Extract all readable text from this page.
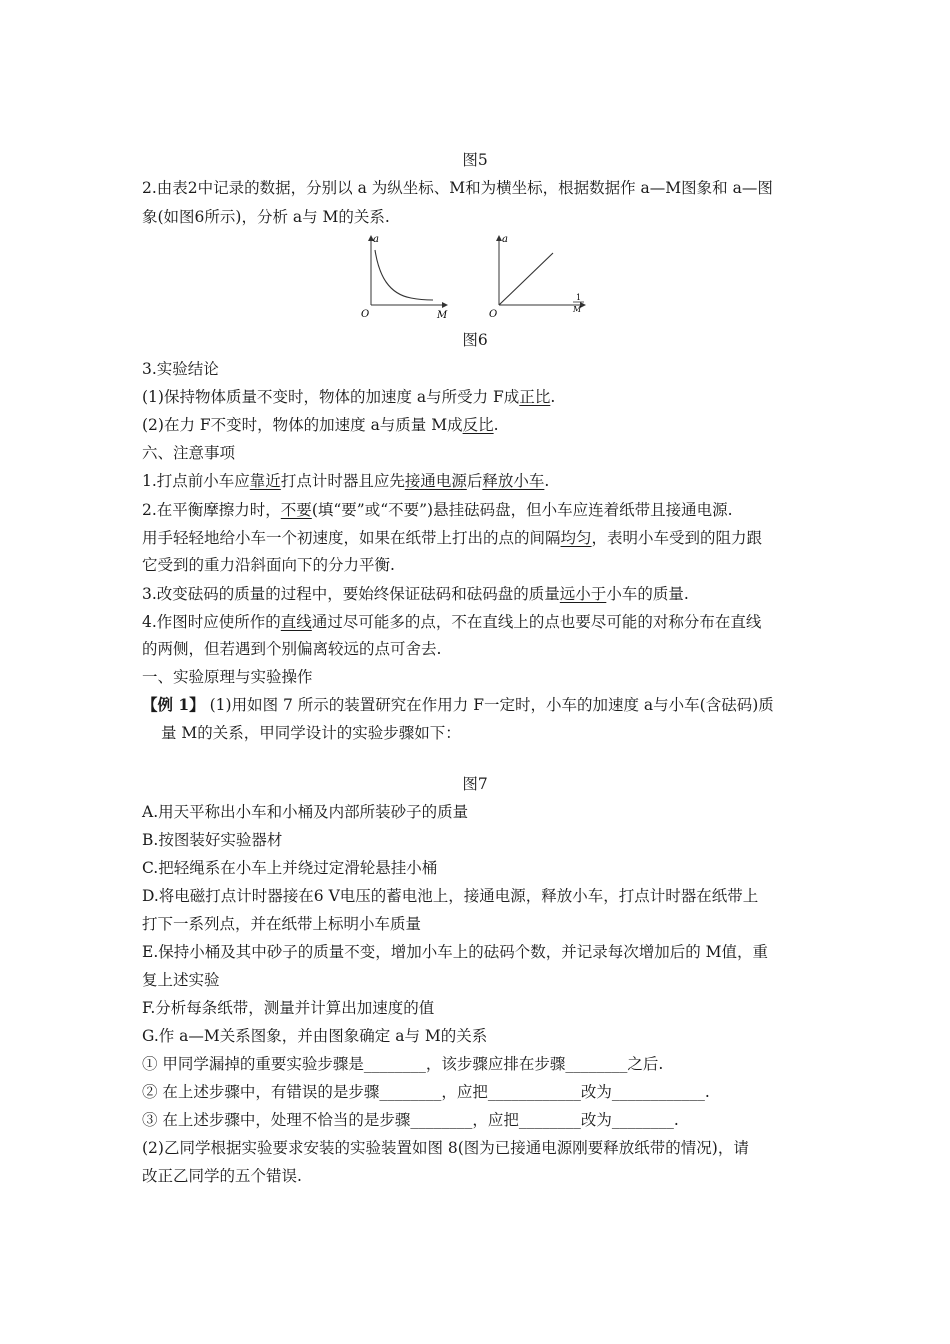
图5
2.由表2中记录的数据，分别以 a 为纵坐标、M和为横坐标，根据数据作 a—M图象和 a—图
象(如图6所示)，分析 a与 M的关系.
a
O	M
a
O
1
M
图6
3.实验结论
(1)保持物体质量不变时，物体的加速度 a与所受力 F成正比.
(2)在力 F不变时，物体的加速度 a与质量 M成反比.
六、注意事项
1.打点前小车应靠近打点计时器且应先接通电源后释放小车.
2.在平衡摩擦力时，不要(填“要”或“不要”)悬挂砝码盘，但小车应连着纸带且接通电源.
用手轻轻地给小车一个初速度，如果在纸带上打出的点的间隔均匀，表明小车受到的阻力跟
它受到的重力沿斜面向下的分力平衡.
3.改变砝码的质量的过程中，要始终保证砝码和砝码盘的质量远小于小车的质量.
4.作图时应使所作的直线通过尽可能多的点，不在直线上的点也要尽可能的对称分布在直线
的两侧，但若遇到个别偏离较远的点可舍去.
一、实验原理与实验操作
【例 1】 (1)用如图 7 所示的装置研究在作用力 F一定时，小车的加速度 a与小车(含砝码)质
量 M的关系，甲同学设计的实验步骤如下：
图7
A.用天平称出小车和小桶及内部所装砂子的质量
B.按图装好实验器材
C.把轻绳系在小车上并绕过定滑轮悬挂小桶
D.将电磁打点计时器接在6 V电压的蓄电池上，接通电源，释放小车，打点计时器在纸带上
打下一系列点，并在纸带上标明小车质量
E.保持小桶及其中砂子的质量不变，增加小车上的砝码个数，并记录每次增加后的 M值，重
复上述实验
F.分析每条纸带，测量并计算出加速度的值
G.作 a—M关系图象，并由图象确定 a与 M的关系
① 甲同学漏掉的重要实验步骤是________，该步骤应排在步骤________之后.
② 在上述步骤中，有错误的是步骤________，应把____________改为____________.
③ 在上述步骤中，处理不恰当的是步骤________，应把________改为________.
(2)乙同学根据实验要求安装的实验装置如图 8(图为已接通电源刚要释放纸带的情况)，请
改正乙同学的五个错误.
